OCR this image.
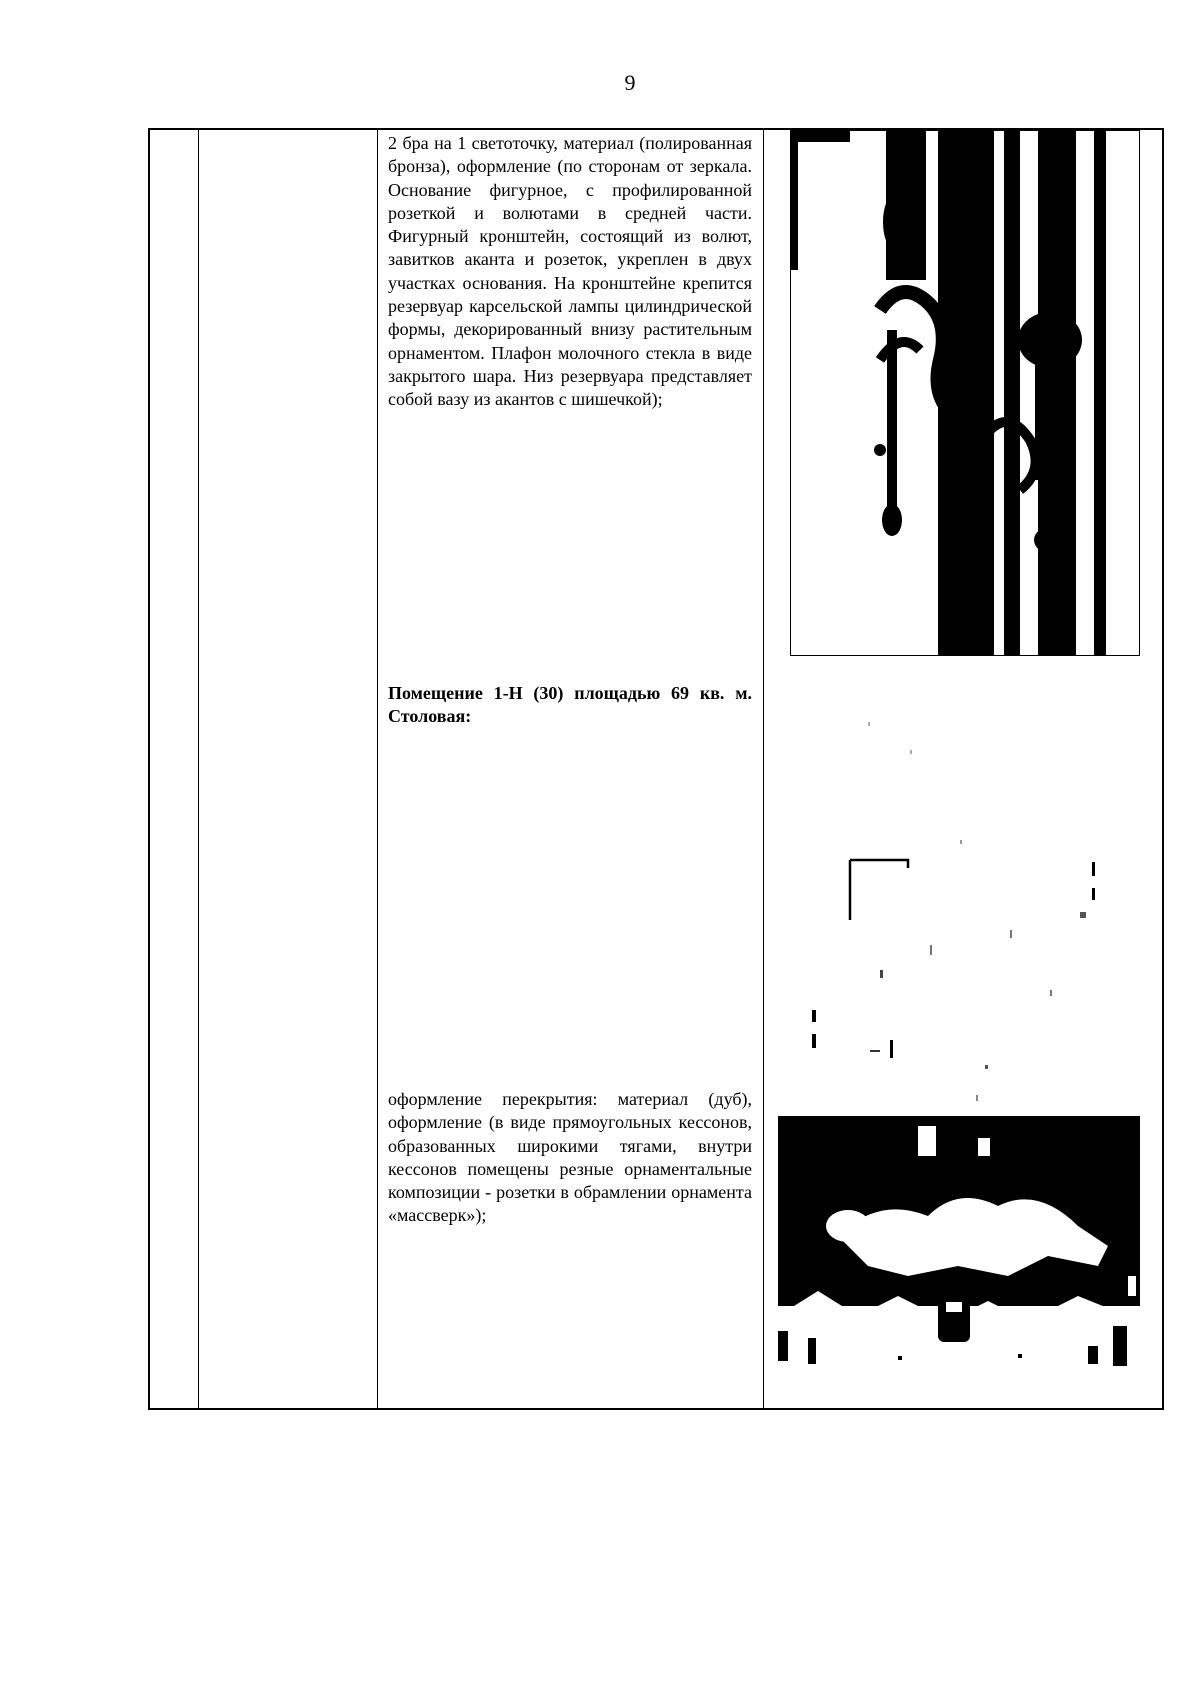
9
2 бра на 1 светоточку, материал (полированная бронза), оформление (по сторонам от зеркала. Основание фигурное, с профилированной розеткой и волютами в средней части. Фигурный кронштейн, состоящий из волют, завитков аканта и розеток, укреплен в двух участках основания. На кронштейне крепится резервуар карсельской лампы цилиндрической формы, декорированный внизу растительным орнаментом. Плафон молочного стекла в виде закрытого шара. Низ резервуара представляет собой вазу из акантов с шишечкой);
Помещение 1-Н (30) площадью 69 кв. м. Столовая:
оформление перекрытия: материал (дуб), оформление (в виде прямоугольных кессонов, образованных широкими тягами, внутри кессонов помещены резные орнаментальные композиции - розетки в обрамлении орнамента «массверк»);
